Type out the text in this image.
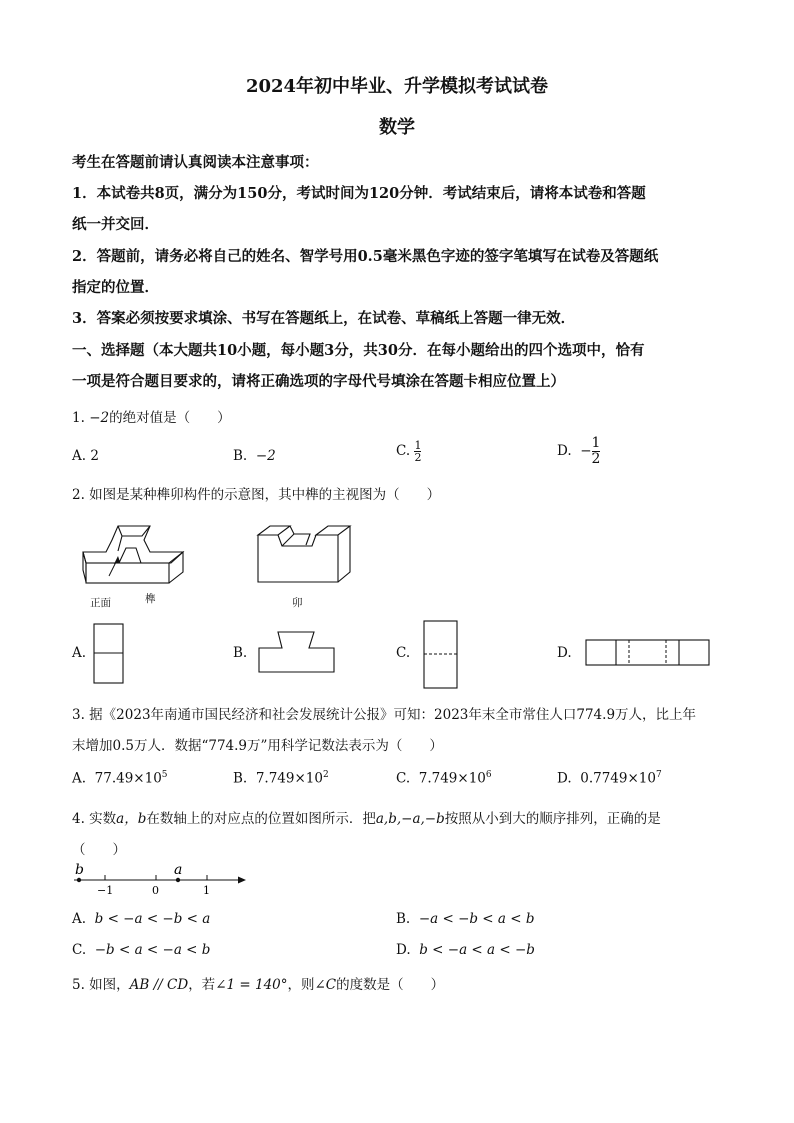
2024年初中毕业、升学模拟考试试卷
数学
考生在答题前请认真阅读本注意事项：
1．本试卷共8页，满分为150分，考试时间为120分钟．考试结束后，请将本试卷和答题
纸一并交回．
2．答题前，请务必将自己的姓名、智学号用0.5毫米黑色字迹的签字笔填写在试卷及答题纸
指定的位置．
3．答案必须按要求填涂、书写在答题纸上，在试卷、草稿纸上答题一律无效．
一、选择题（本大题共10小题，每小题3分，共30分．在每小题给出的四个选项中，恰有
一项是符合题目要求的，请将正确选项的字母代号填涂在答题卡相应位置上）
1. −2的绝对值是（　　）
A. 2	B. −2	C. $\frac{1}{2}$	D. − $\frac{1}{2}$
2. 如图是某种榫卯构件的示意图，其中榫的主视图为（　　）
正面	榫	卯
A.	B.	C.	D.
3. 据《2023年南通市国民经济和社会发展统计公报》可知：2023年末全市常住人口774.9万人，比上年
末增加0.5万人．数据“774.9万”用科学记数法表示为（　　）
A. $77.49\times 10^5$	B. $7.749\times 10^2$	C. $7.749\times 10^6$	D. $0.7749\times 10^7$
4. 实数a，b在数轴上的对应点的位置如图所示．把a,b,−a,−b按照从小到大的顺序排列，正确的是
（　　）
b	a
−1	0	1
A. b < −a < −b < a	B. −a < −b < a < b
C. −b < a < −a < b	D. b < −a < a < −b
5. 如图，AB // CD，若∠1 = 140°，则∠C的度数是（　　）
